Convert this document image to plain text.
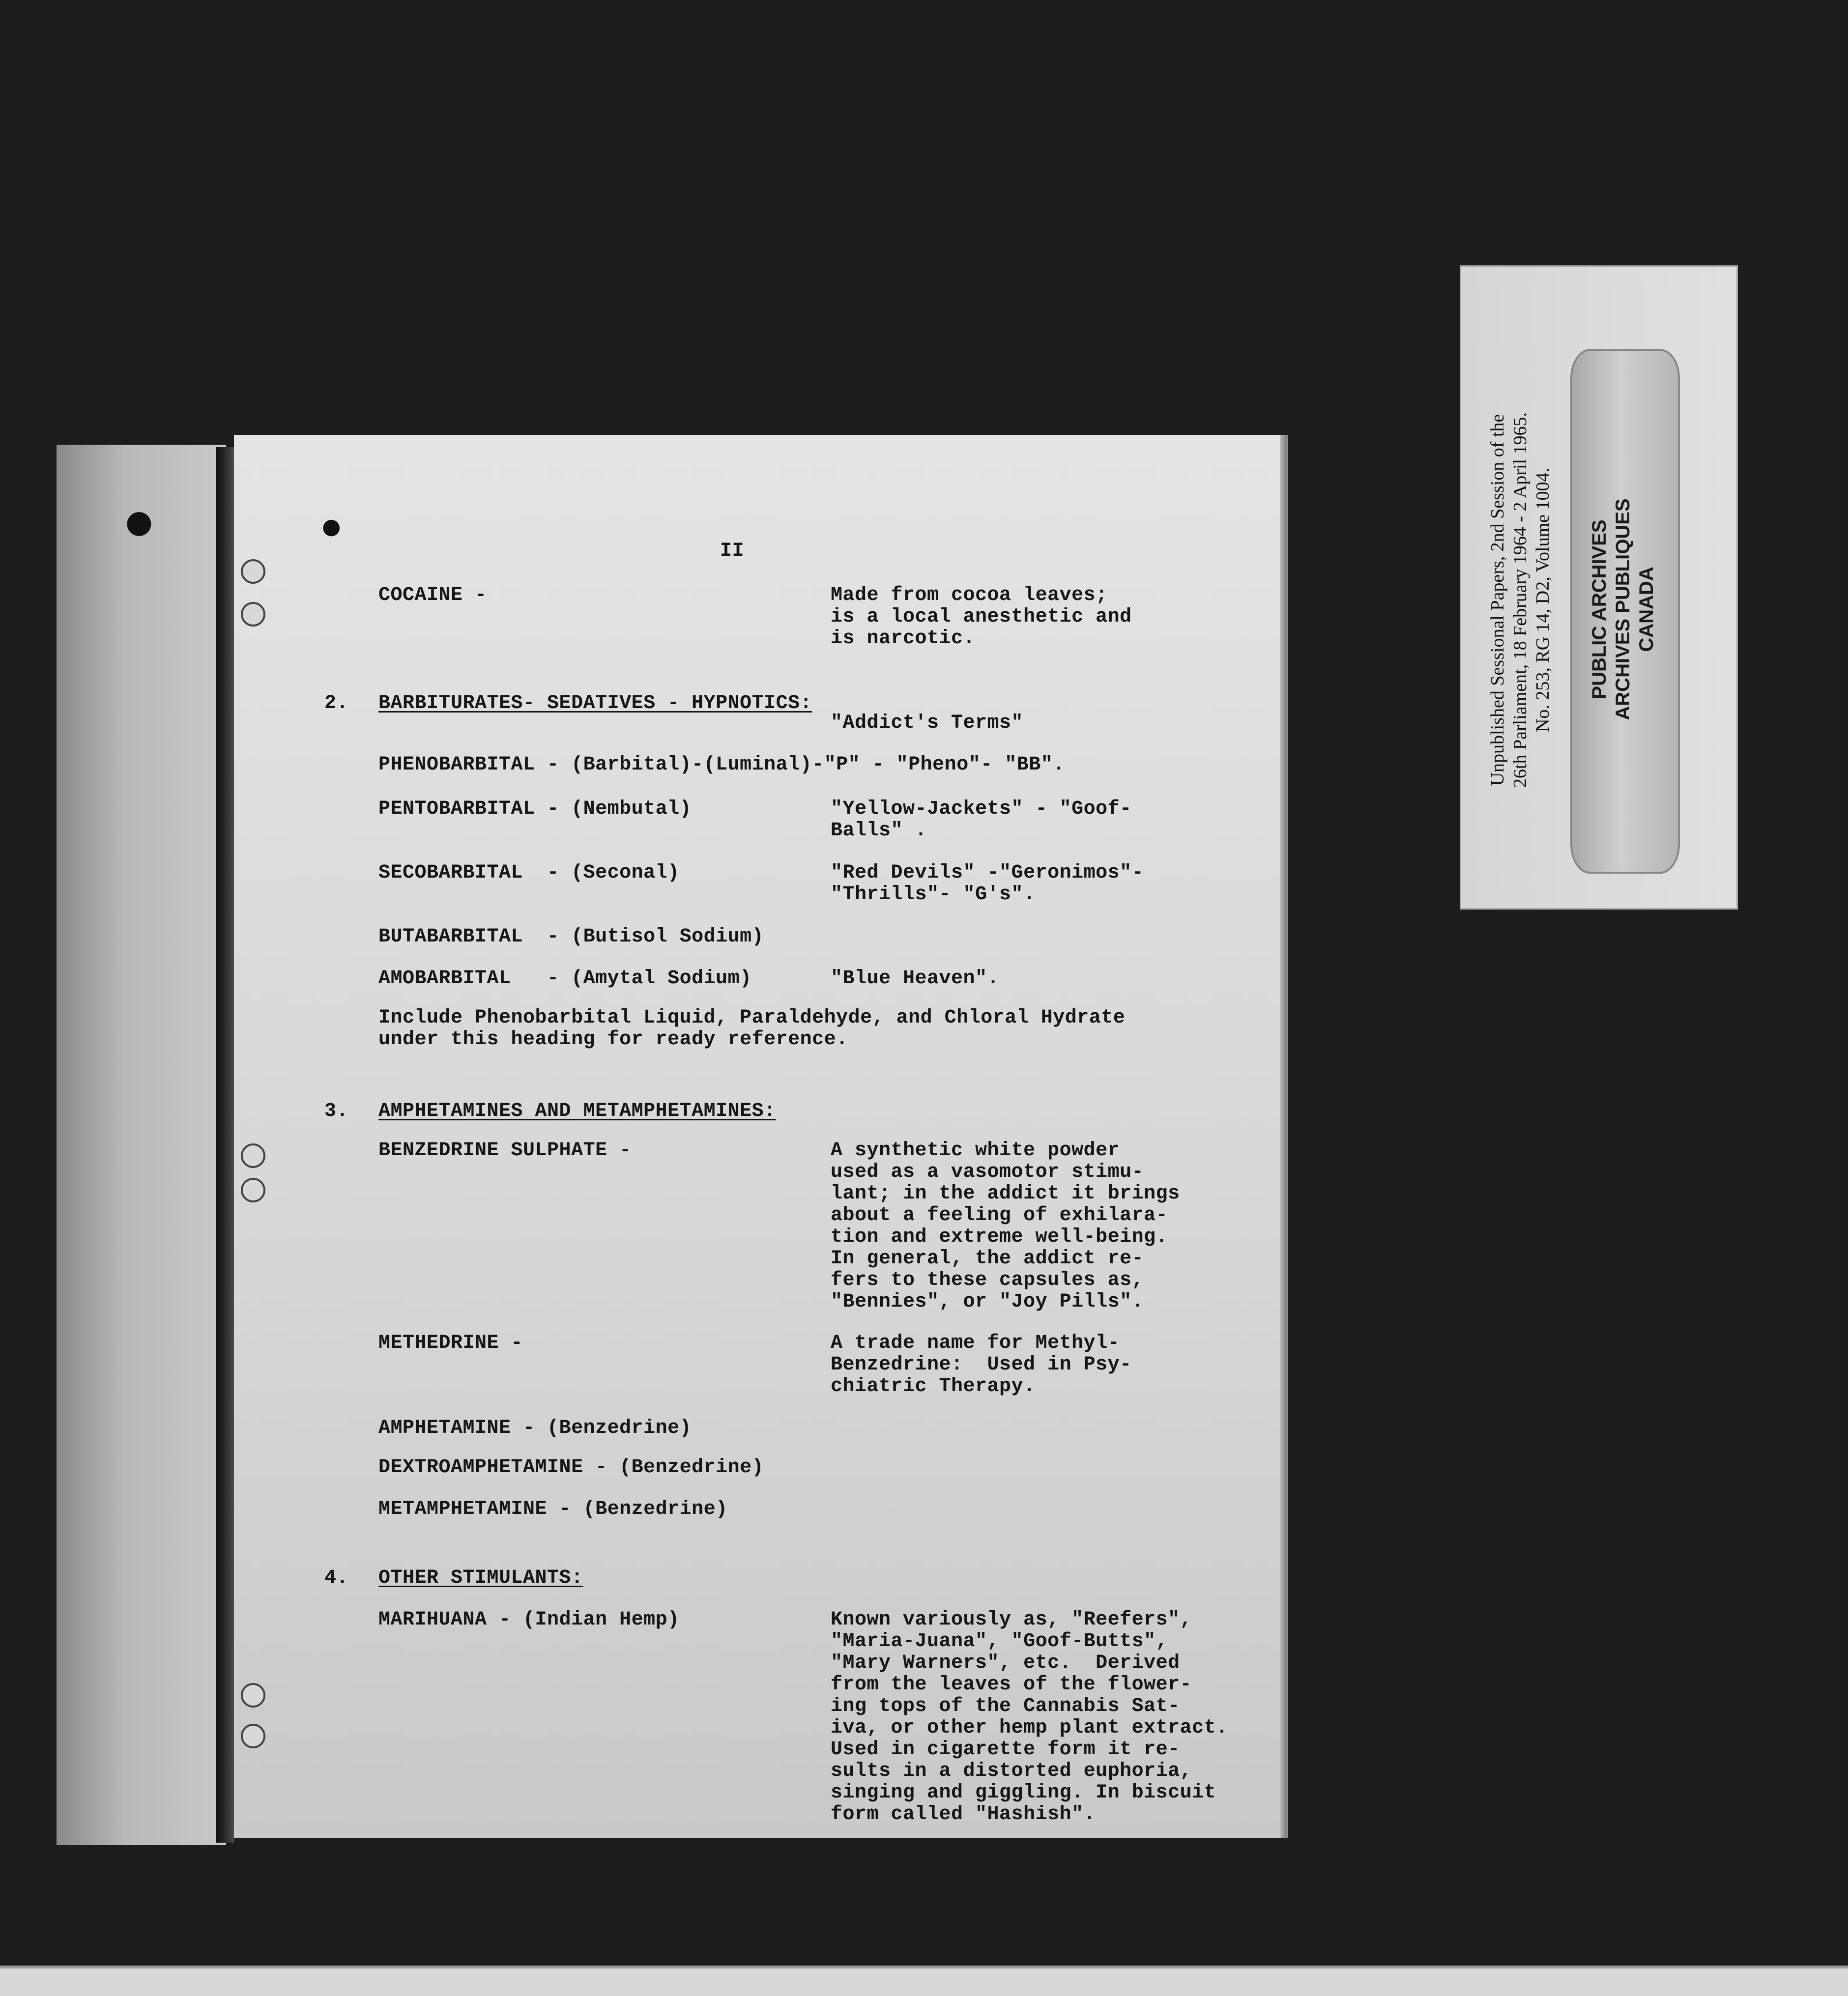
●	●
II
COCAINE -	Made from cocoa leaves;
is a local anesthetic and
is narcotic.
2. BARBITURATES- SEDATIVES - HYPNOTICS:
"Addict's Terms"
PHENOBARBITAL - (Barbital)-(Luminal)-"P" - "Pheno"- "BB".
PENTOBARBITAL - (Nembutal)	"Yellow-Jackets" - "Goof-
Balls" .
SECOBARBITAL  - (Seconal)	"Red Devils" -"Geronimos"-
"Thrills"- "G's".
BUTABARBITAL  - (Butisol Sodium)
AMOBARBITAL   - (Amytal Sodium)	"Blue Heaven".
Include Phenobarbital Liquid, Paraldehyde, and Chloral Hydrate
under this heading for ready reference.
3. AMPHETAMINES AND METAMPHETAMINES:
BENZEDRINE SULPHATE -	A synthetic white powder
used as a vasomotor stimu-
lant; in the addict it brings
about a feeling of exhilara-
tion and extreme well-being.
In general, the addict re-
fers to these capsules as,
"Bennies", or "Joy Pills".
METHEDRINE -	A trade name for Methyl-
Benzedrine:  Used in Psy-
chiatric Therapy.
AMPHETAMINE - (Benzedrine)
DEXTROAMPHETAMINE - (Benzedrine)
METAMPHETAMINE - (Benzedrine)
4. OTHER STIMULANTS:
MARIHUANA - (Indian Hemp)	Known variously as, "Reefers",
"Maria-Juana", "Goof-Butts",
"Mary Warners", etc.  Derived
from the leaves of the flower-
ing tops of the Cannabis Sat-
iva, or other hemp plant extract.
Used in cigarette form it re-
sults in a distorted euphoria,
singing and giggling. In biscuit
form called "Hashish".
Unpublished Sessional Papers, 2nd Session of the
26th Parliament, 18 February 1964 - 2 April 1965.
No. 253, RG 14, D2, Volume 1004.
PUBLIC ARCHIVES ARCHIVES PUBLIQUES CANADA
